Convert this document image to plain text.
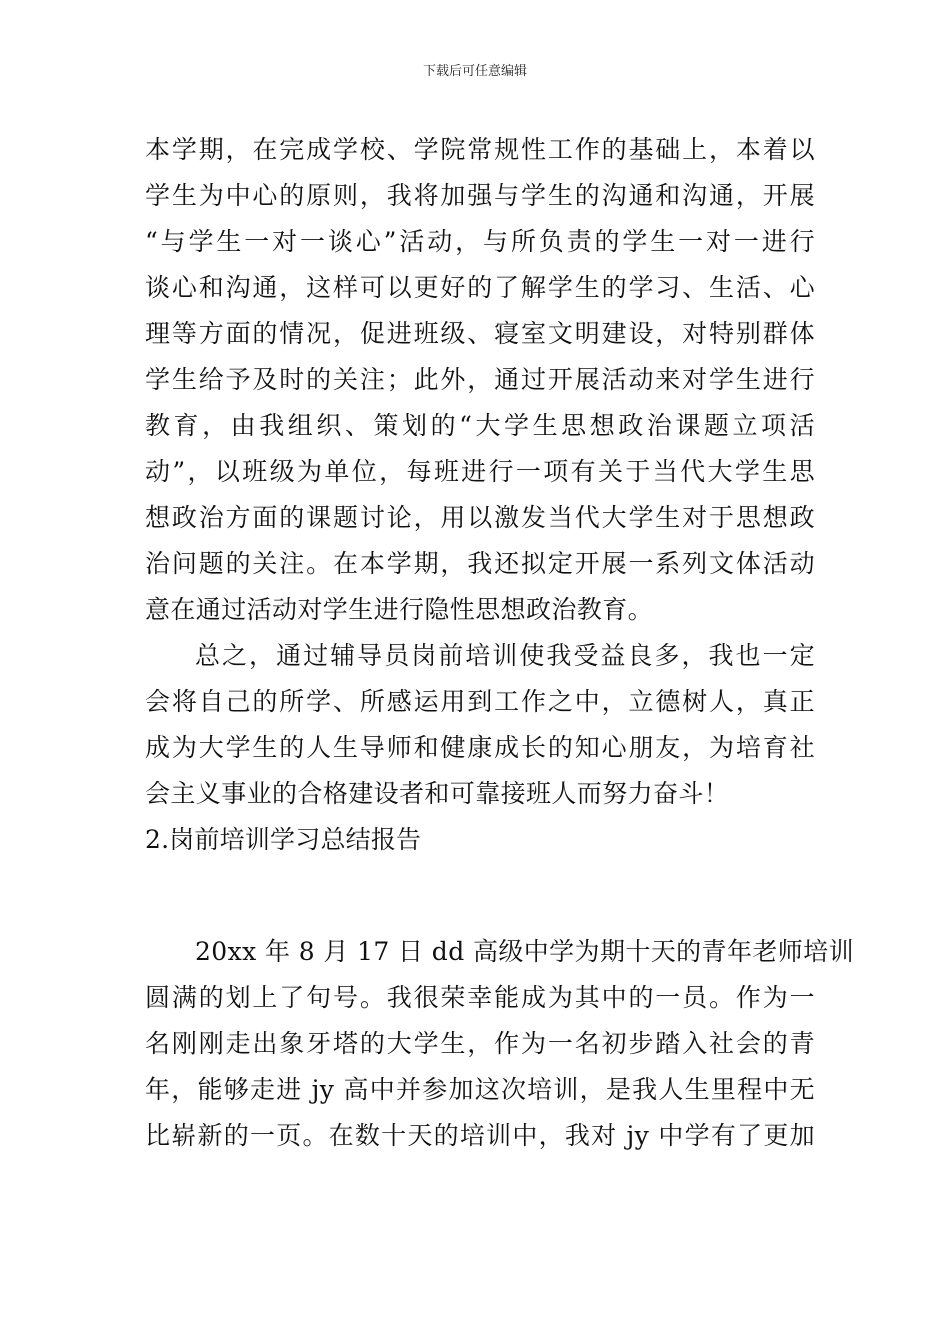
下载后可任意编辑
本学期，在完成学校、学院常规性工作的基础上，本着以
学生为中心的原则，我将加强与学生的沟通和沟通，开展
“与学生一对一谈心”活动，与所负责的学生一对一进行
谈心和沟通，这样可以更好的了解学生的学习、生活、心
理等方面的情况，促进班级、寝室文明建设，对特别群体
学生给予及时的关注；此外，通过开展活动来对学生进行
教育，由我组织、策划的“大学生思想政治课题立项活
动”，以班级为单位，每班进行一项有关于当代大学生思
想政治方面的课题讨论，用以激发当代大学生对于思想政
治问题的关注。在本学期，我还拟定开展一系列文体活动
意在通过活动对学生进行隐性思想政治教育。
总之，通过辅导员岗前培训使我受益良多，我也一定
会将自己的所学、所感运用到工作之中，立德树人，真正
成为大学生的人生导师和健康成长的知心朋友，为培育社
会主义事业的合格建设者和可靠接班人而努力奋斗！
2.岗前培训学习总结报告
20xx 年 8 月 17 日 dd 高级中学为期十天的青年老师培训
圆满的划上了句号。我很荣幸能成为其中的一员。作为一
名刚刚走出象牙塔的大学生，作为一名初步踏入社会的青
年，能够走进 jy 高中并参加这次培训，是我人生里程中无
比崭新的一页。在数十天的培训中，我对 jy 中学有了更加
